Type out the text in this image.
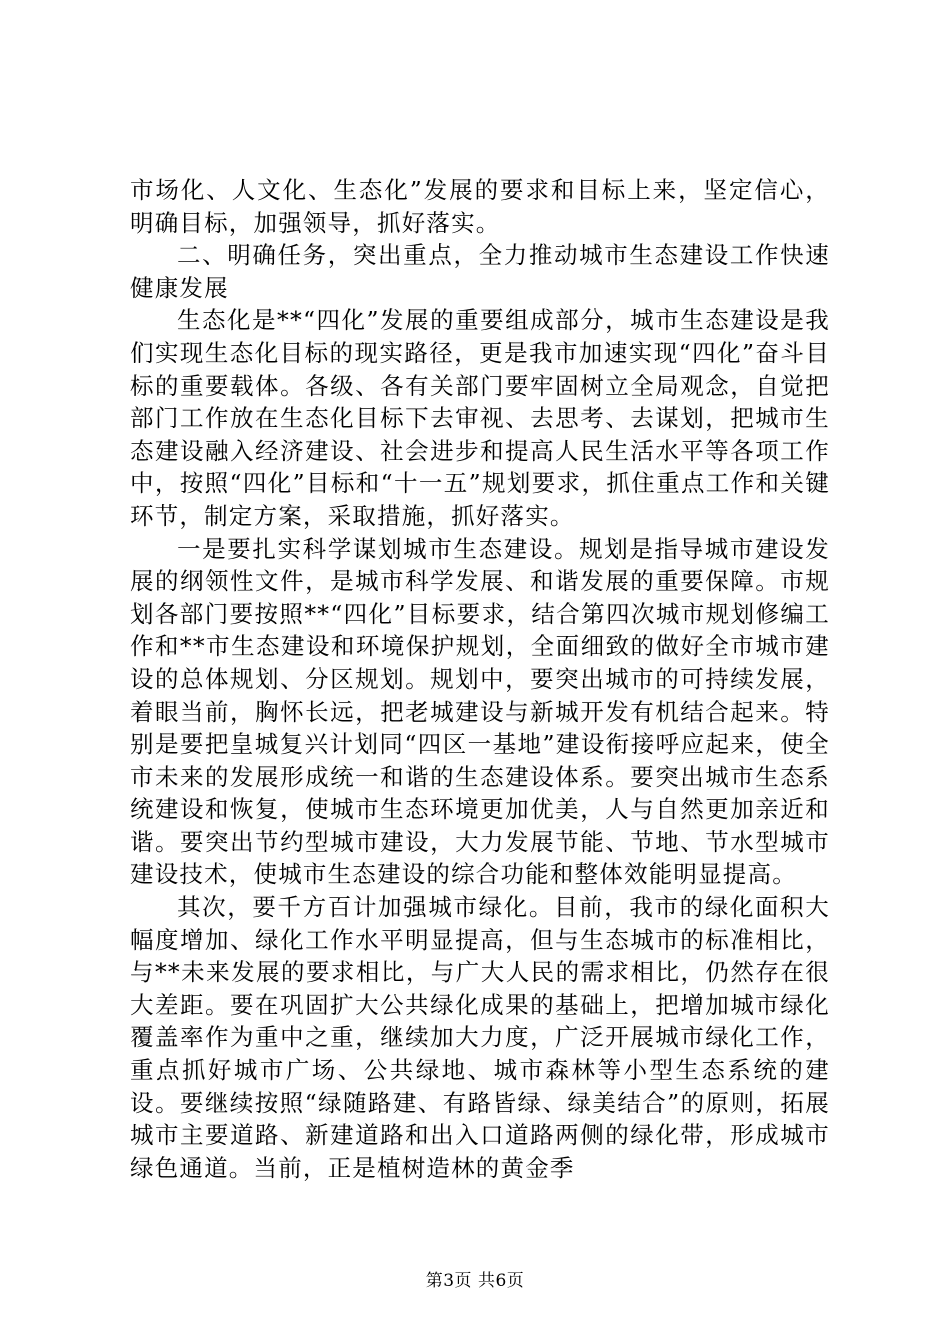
市场化、人文化、生态化”发展的要求和目标上来，坚定信心，明确目标，加强领导，抓好落实。

二、明确任务，突出重点，全力推动城市生态建设工作快速健康发展

生态化是**“四化”发展的重要组成部分，城市生态建设是我们实现生态化目标的现实路径，更是我市加速实现“四化”奋斗目标的重要载体。各级、各有关部门要牢固树立全局观念，自觉把部门工作放在生态化目标下去审视、去思考、去谋划，把城市生态建设融入经济建设、社会进步和提高人民生活水平等各项工作中，按照“四化”目标和“十一五”规划要求，抓住重点工作和关键环节，制定方案，采取措施，抓好落实。

一是要扎实科学谋划城市生态建设。规划是指导城市建设发展的纲领性文件，是城市科学发展、和谐发展的重要保障。市规划各部门要按照**“四化”目标要求，结合第四次城市规划修编工作和**市生态建设和环境保护规划，全面细致的做好全市城市建设的总体规划、分区规划。规划中，要突出城市的可持续发展，着眼当前，胸怀长远，把老城建设与新城开发有机结合起来。特别是要把皇城复兴计划同“四区一基地”建设衔接呼应起来，使全市未来的发展形成统一和谐的生态建设体系。要突出城市生态系统建设和恢复，使城市生态环境更加优美，人与自然更加亲近和谐。要突出节约型城市建设，大力发展节能、节地、节水型城市建设技术，使城市生态建设的综合功能和整体效能明显提高。

其次，要千方百计加强城市绿化。目前，我市的绿化面积大幅度增加、绿化工作水平明显提高，但与生态城市的标准相比，与**未来发展的要求相比，与广大人民的需求相比，仍然存在很大差距。要在巩固扩大公共绿化成果的基础上，把增加城市绿化覆盖率作为重中之重，继续加大力度，广泛开展城市绿化工作，重点抓好城市广场、公共绿地、城市森林等小型生态系统的建设。要继续按照“绿随路建、有路皆绿、绿美结合”的原则，拓展城市主要道路、新建道路和出入口道路两侧的绿化带，形成城市绿色通道。当前，正是植树造林的黄金季

第3页 共6页
